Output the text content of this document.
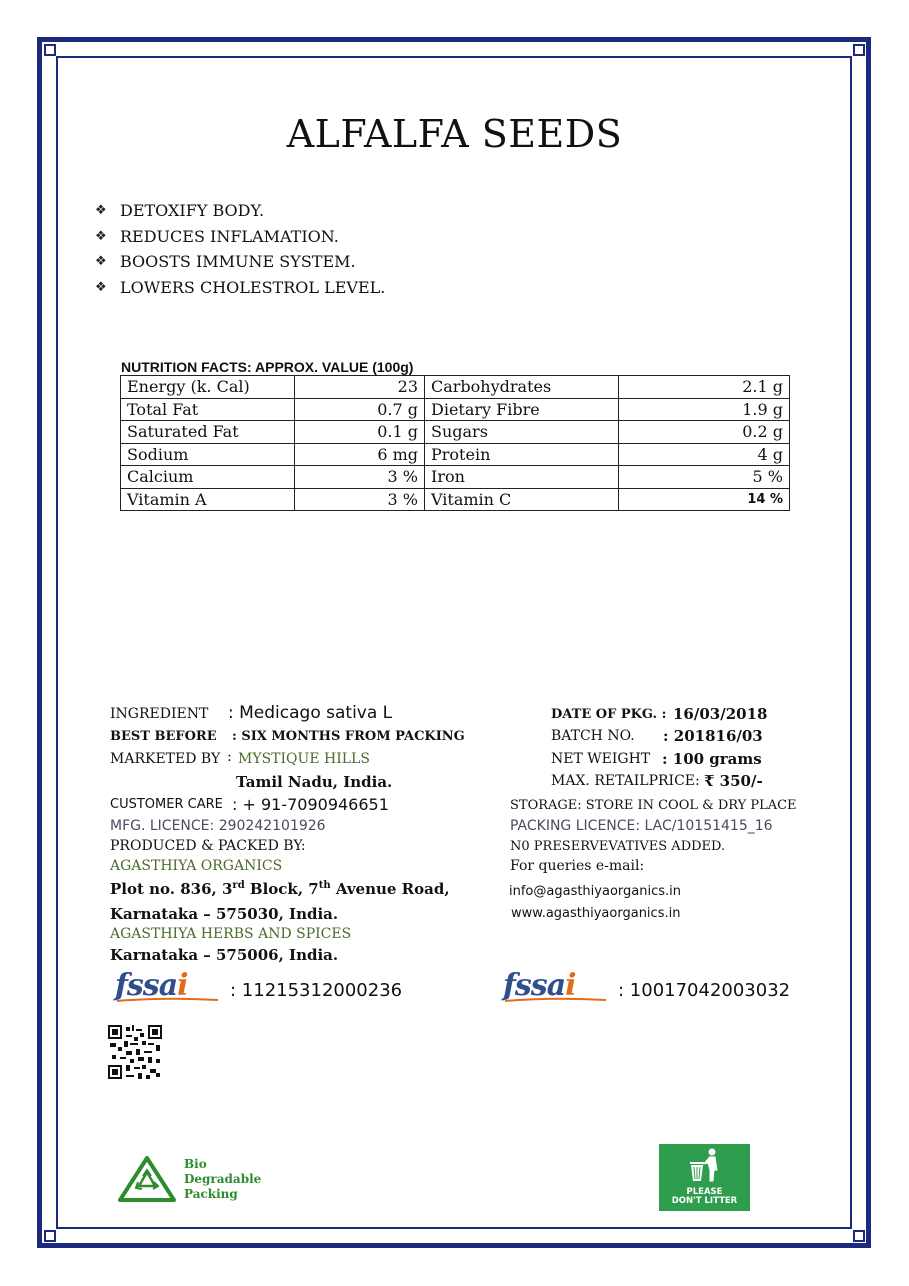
ALFALFA SEEDS
❖ DETOXIFY BODY.
❖ REDUCES INFLAMATION.
❖ BOOSTS IMMUNE SYSTEM.
❖ LOWERS CHOLESTROL LEVEL.
NUTRITION FACTS: APPROX. VALUE (100g)
Energy (k. Cal)	23	Carbohydrates	2.1 g
Total Fat	0.7 g	Dietary Fibre	1.9 g
Saturated Fat	0.1 g	Sugars	0.2 g
Sodium	6 mg	Protein	4 g
Calcium	3 %	Iron	5 %
Vitamin A	3 %	Vitamin C	14 %
INGREDIENT : Medicago sativa L
BEST BEFORE : SIX MONTHS FROM PACKING
MARKETED BY : MYSTIQUE HILLS
Tamil Nadu, India.
CUSTOMER CARE : + 91-7090946651
MFG. LICENCE: 290242101926
PRODUCED & PACKED BY:
AGASTHIYA ORGANICS
Plot no. 836, 3rd Block, 7th Avenue Road,
Karnataka – 575030, India.
AGASTHIYA HERBS AND SPICES
Karnataka – 575006, India.
fssai : 11215312000236
DATE OF PKG. : 16/03/2018
BATCH NO. : 201816/03
NET WEIGHT : 100 grams
MAX. RETAILPRICE: ₹ 350/-
STORAGE: STORE IN COOL & DRY PLACE
PACKING LICENCE: LAC/10151415_16
N0 PRESERVEVATIVES ADDED.
For queries e-mail:
info@agasthiyaorganics.in
www.agasthiyaorganics.in
fssai : 10017042003032
Bio
Degradable
Packing	PLEASE
DON'T LITTER
